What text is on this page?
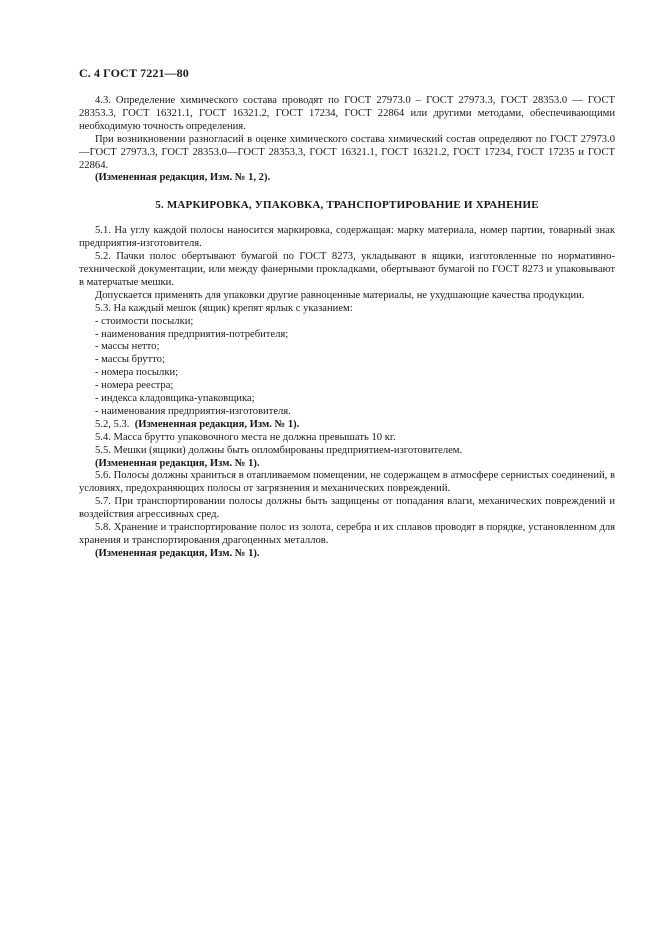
С. 4 ГОСТ 7221—80

4.3. Определение химического состава проводят по ГОСТ 27973.0 – ГОСТ 27973.3, ГОСТ 28353.0 — ГОСТ 28353.3, ГОСТ 16321.1, ГОСТ 16321.2, ГОСТ 17234, ГОСТ 22864 или другими методами, обеспечивающими необходимую точность определения.

При возникновении разногласий в оценке химического состава химический состав определяют по ГОСТ 27973.0—ГОСТ 27973.3, ГОСТ 28353.0—ГОСТ 28353.3, ГОСТ 16321.1, ГОСТ 16321.2, ГОСТ 17234, ГОСТ 17235 и ГОСТ 22864.

(Измененная редакция, Изм. № 1, 2).

5. МАРКИРОВКА, УПАКОВКА, ТРАНСПОРТИРОВАНИЕ И ХРАНЕНИЕ

5.1. На углу каждой полосы наносится маркировка, содержащая: марку материала, номер партии, товарный знак предприятия-изготовителя.

5.2. Пачки полос обертывают бумагой по ГОСТ 8273, укладывают в ящики, изготовленные по нормативно-технической документации, или между фанерными прокладками, обертывают бумагой по ГОСТ 8273 и упаковывают в матерчатые мешки.

Допускается применять для упаковки другие равноценные материалы, не ухудшающие качества продукции.

5.3. На каждый мешок (ящик) крепят ярлык с указанием:

- стоимости посылки;

- наименования предприятия-потребителя;

- массы нетто;

- массы брутто;

- номера посылки;

- номера реестра;

- индекса кладовщика-упаковщика;

- наименования предприятия-изготовителя.

5.2, 5.3. (Измененная редакция, Изм. № 1).

5.4. Масса брутто упаковочного места не должна превышать 10 кг.

5.5. Мешки (ящики) должны быть опломбированы предприятием-изготовителем.

(Измененная редакция, Изм. № 1).

5.6. Полосы должны храниться в отапливаемом помещении, не содержащем в атмосфере сернистых соединений, в условиях, предохраняющих полосы от загрязнения и механических повреждений.

5.7. При транспортировании полосы должны быть защищены от попадания влаги, механических повреждений и воздействия агрессивных сред.

5.8. Хранение и транспортирование полос из золота, серебра и их сплавов проводят в порядке, установленном для хранения и транспортирования драгоценных металлов.

(Измененная редакция, Изм. № 1).
